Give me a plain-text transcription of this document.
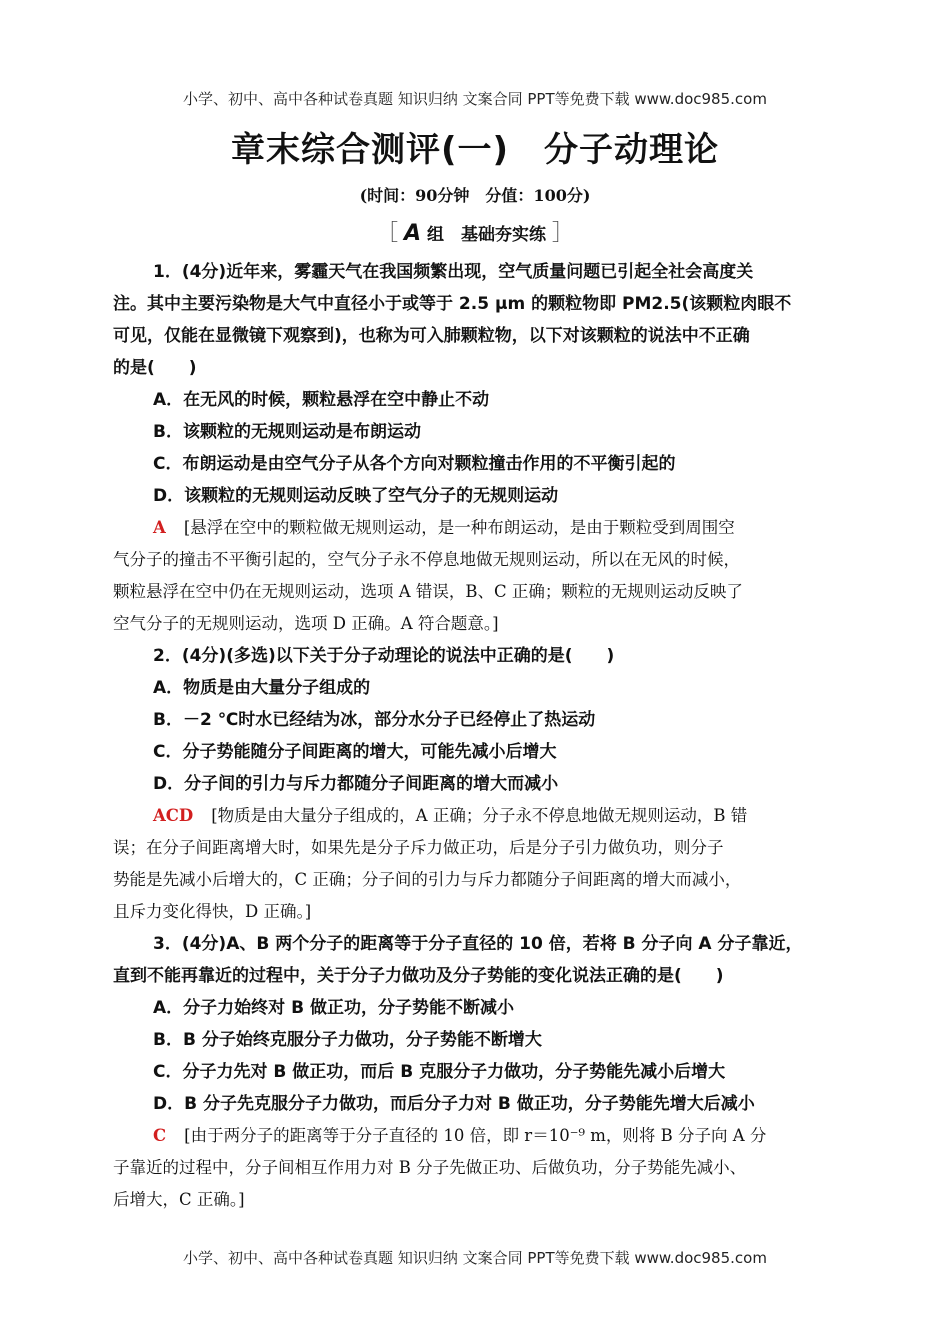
小学、初中、高中各种试卷真题 知识归纳 文案合同 PPT等免费下载 www.doc985.com
章末综合测评(一)　分子动理论
(时间：90分钟　分值：100分)
［ A 组　基础夯实练 ］
1．(4分)近年来，雾霾天气在我国频繁出现，空气质量问题已引起全社会高度关
注。其中主要污染物是大气中直径小于或等于 2.5 μm 的颗粒物即 PM2.5(该颗粒肉眼不
可见，仅能在显微镜下观察到)，也称为可入肺颗粒物，以下对该颗粒的说法中不正确
的是(　　)
A．在无风的时候，颗粒悬浮在空中静止不动
B．该颗粒的无规则运动是布朗运动
C．布朗运动是由空气分子从各个方向对颗粒撞击作用的不平衡引起的
D．该颗粒的无规则运动反映了空气分子的无规则运动
A [悬浮在空中的颗粒做无规则运动，是一种布朗运动，是由于颗粒受到周围空
气分子的撞击不平衡引起的，空气分子永不停息地做无规则运动，所以在无风的时候，
颗粒悬浮在空中仍在无规则运动，选项 A 错误，B、C 正确；颗粒的无规则运动反映了
空气分子的无规则运动，选项 D 正确。A 符合题意。]
2．(4分)(多选)以下关于分子动理论的说法中正确的是(　　)
A．物质是由大量分子组成的
B．－2 ℃时水已经结为冰，部分水分子已经停止了热运动
C．分子势能随分子间距离的增大，可能先减小后增大
D．分子间的引力与斥力都随分子间距离的增大而减小
ACD [物质是由大量分子组成的，A 正确；分子永不停息地做无规则运动，B 错
误；在分子间距离增大时，如果先是分子斥力做正功，后是分子引力做负功，则分子
势能是先减小后增大的，C 正确；分子间的引力与斥力都随分子间距离的增大而减小，
且斥力变化得快，D 正确。]
3．(4分)A、B 两个分子的距离等于分子直径的 10 倍，若将 B 分子向 A 分子靠近，
直到不能再靠近的过程中，关于分子力做功及分子势能的变化说法正确的是(　　)
A．分子力始终对 B 做正功，分子势能不断减小
B．B 分子始终克服分子力做功，分子势能不断增大
C．分子力先对 B 做正功，而后 B 克服分子力做功，分子势能先减小后增大
D．B 分子先克服分子力做功，而后分子力对 B 做正功，分子势能先增大后减小
C [由于两分子的距离等于分子直径的 10 倍，即 r＝10⁻⁹ m，则将 B 分子向 A 分
子靠近的过程中，分子间相互作用力对 B 分子先做正功、后做负功，分子势能先减小、
后增大，C 正确。]
小学、初中、高中各种试卷真题 知识归纳 文案合同 PPT等免费下载 www.doc985.com
